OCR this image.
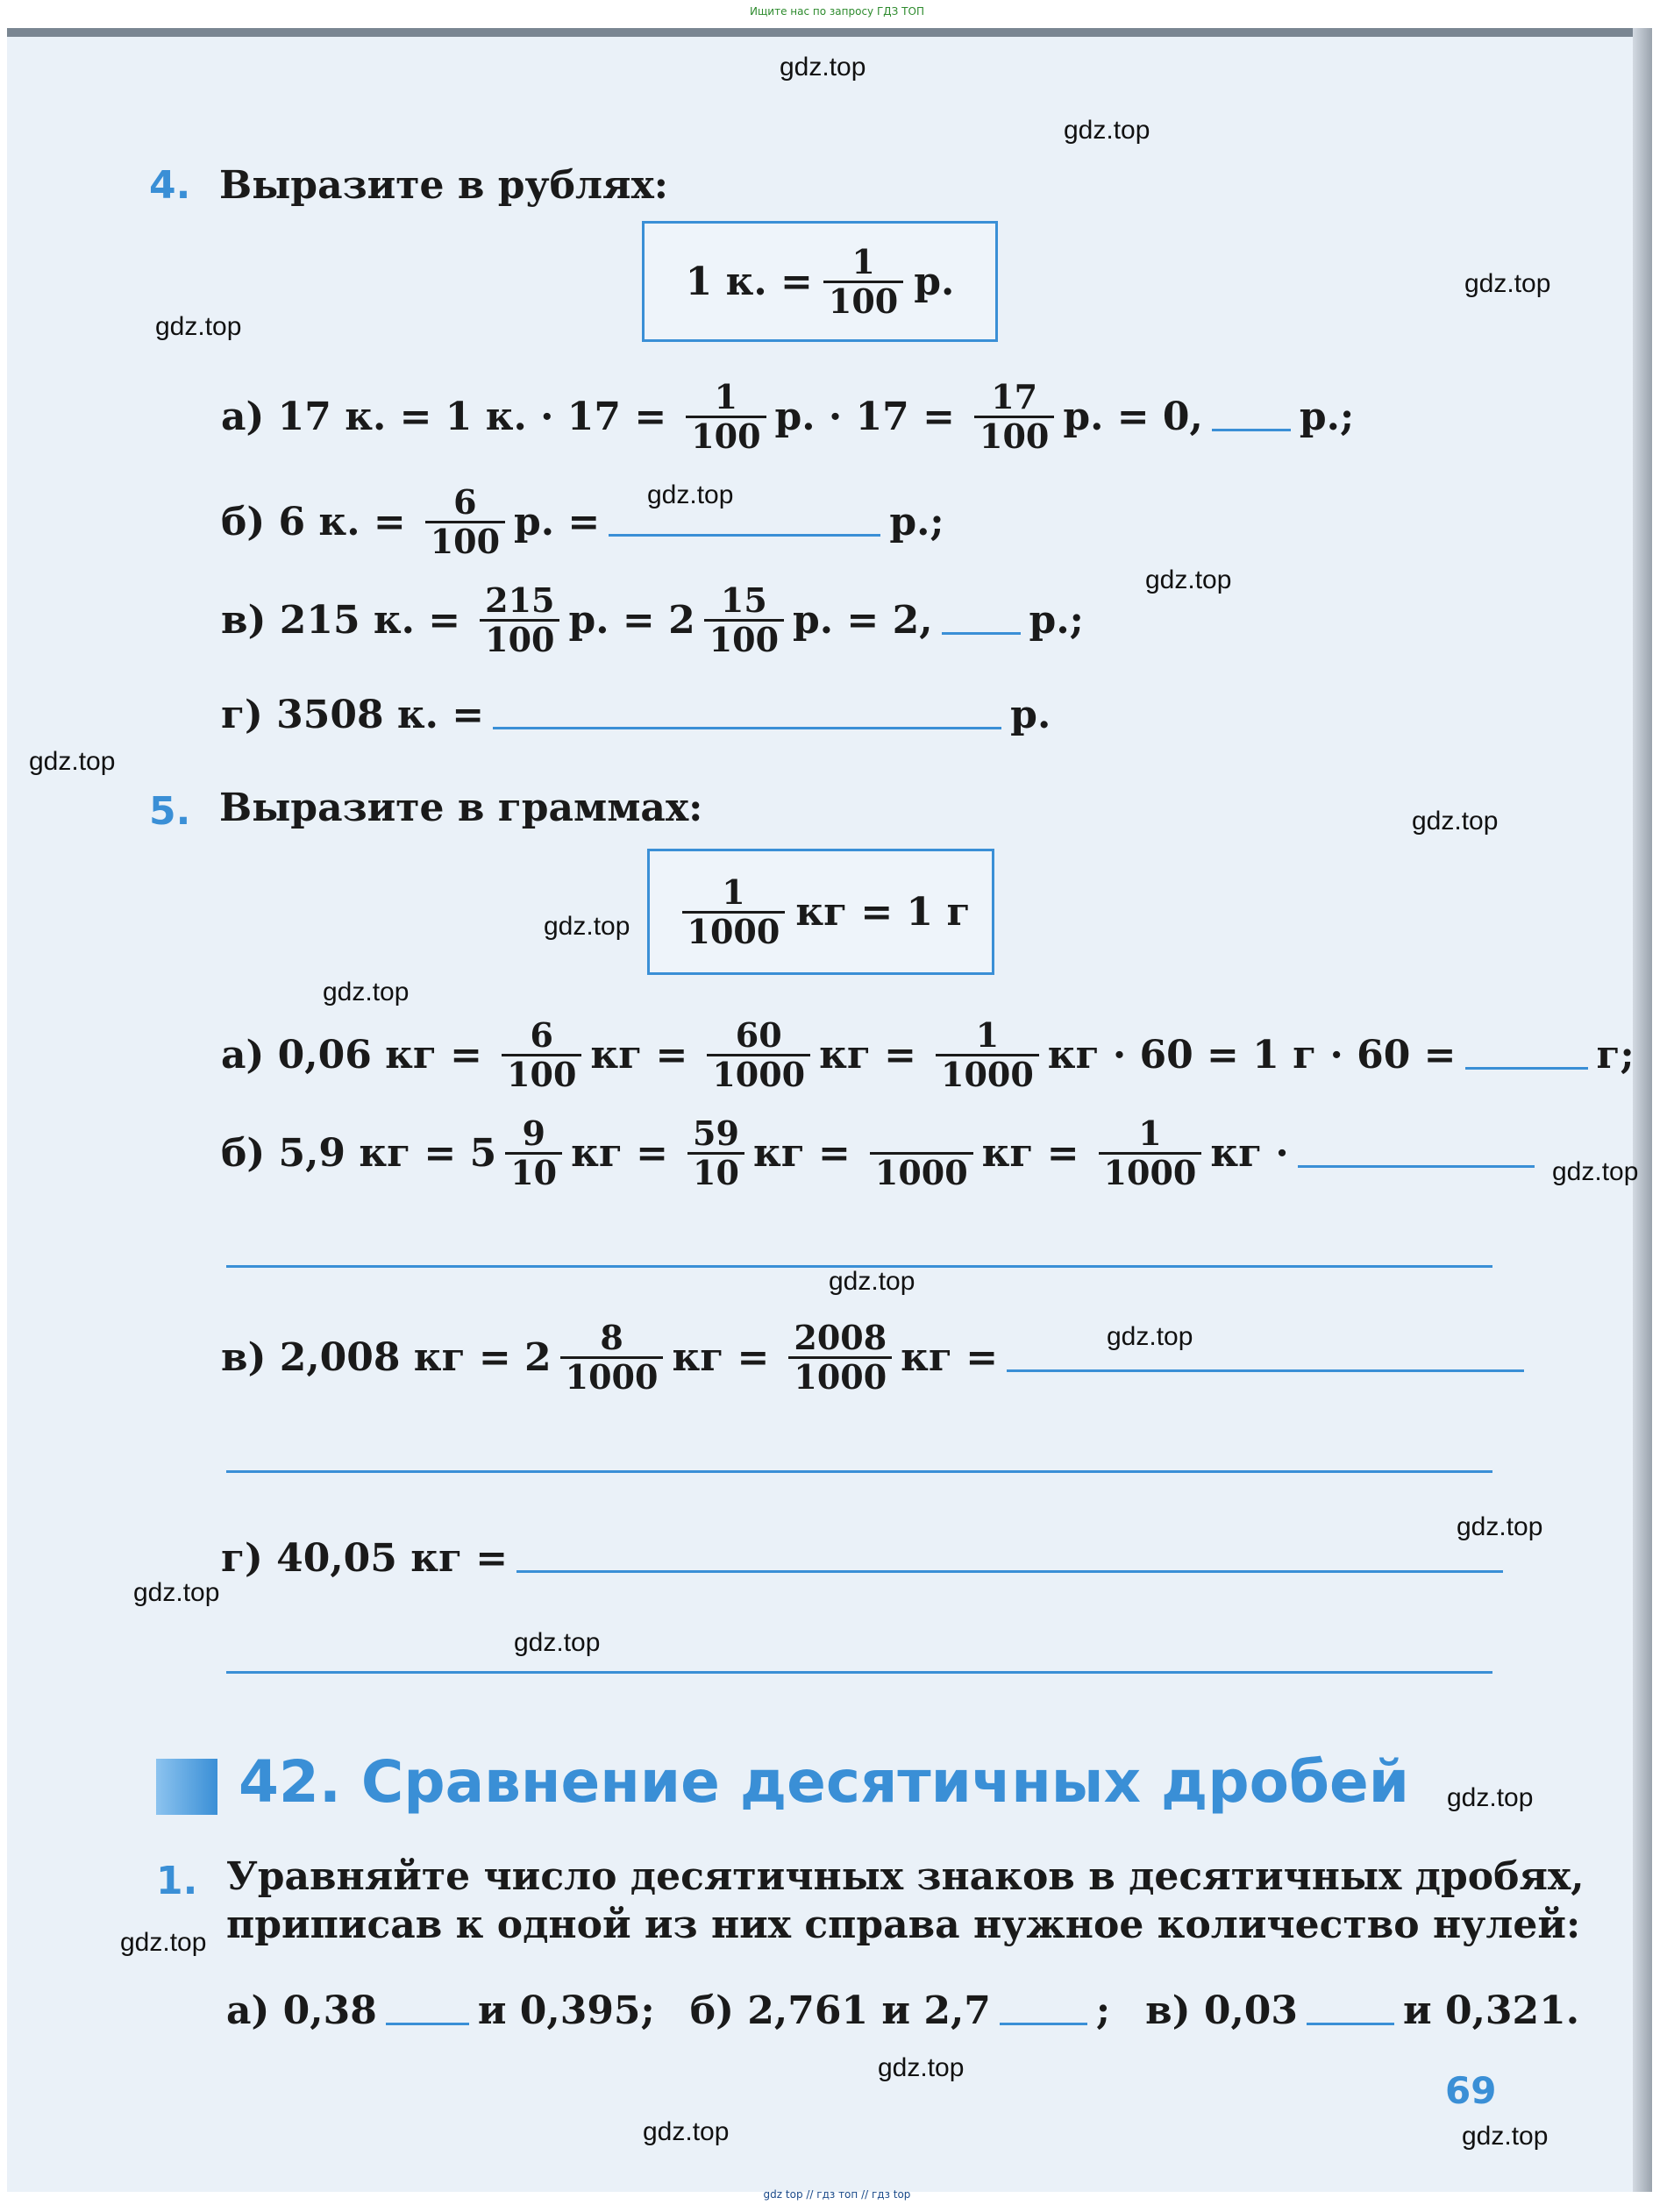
Ищите нас по запросу ГДЗ ТОП
gdz.top
gdz.top
gdz.top
gdz.top
gdz.top
gdz.top
gdz.top
gdz.top
gdz.top
gdz.top
gdz.top
gdz.top
gdz.top
gdz.top
gdz.top
gdz.top
gdz.top
gdz.top
gdz.top
gdz.top	gdz.top
4. Выразите в рублях:
1 к. = $\frac{1}{100} р$.
а) 17 к. = 1 к. · $17 = \frac{1}{100} р$. · $17 = \frac{17}{100} р$. = 0,	р.;
б) 6 к. = $\frac{6}{100} р$. =	р.;
в) 215 к. = $\frac{215}{100} р$. = $2 \frac{15}{100} р$. = 2,	р.;
г) 3508 к. =	р.
5. Выразите в граммах:
$\frac{1}{1000}$ кг = 1 г
а) 0,06 кг = $\frac{6}{100}$ кг = $\frac{60}{1000}$ кг = $\frac{1}{1000}$ кг · 60 = 1 г · 60 =	г;
б) 5,9 кг = $5 \frac{9}{10}$ кг = $\frac{59}{10}$ кг = 1000 кг = $\frac{1}{1000}$ кг ·
в) 2,008 кг = $2 \frac{8}{1000}$ кг = $\frac{2008}{1000}$ кг =
г) 40,05 кг =
42. Сравнение десятичных дробей
1. Уравняйте число десятичных знаков в десятичных дробях,
приписав к одной из них справа нужное количество нулей:
а) 0,38	и 0,395; б) 2,761 и 2,7	; в) 0,03	и 0,321.
69
gdz top // гдз топ // гдз top
